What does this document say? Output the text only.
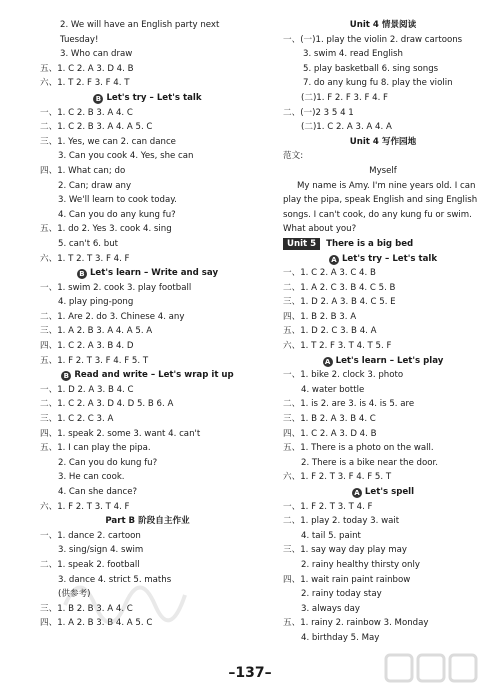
2. We will have an English party next
Tuesday!
3. Who can draw
五、1. C 2. A 3. D 4. B
六、1. T 2. F 3. F 4. T
B Let's try – Let's talk
一、1. C 2. B 3. A 4. C
二、1. C 2. B 3. A 4. A 5. C
三、1. Yes, we can 2. can dance
3. Can you cook 4. Yes, she can
四、1. What can; do
2. Can; draw any
3. We'll learn to cook today.
4. Can you do any kung fu?
五、1. do 2. Yes 3. cook 4. sing
5. can't 6. but
六、1. T 2. T 3. F 4. F
B Let's learn – Write and say
一、1. swim 2. cook 3. play football
4. play ping-pong
二、1. Are 2. do 3. Chinese 4. any
三、1. A 2. B 3. A 4. A 5. A
四、1. C 2. A 3. B 4. D
五、1. F 2. T 3. F 4. F 5. T
B Read and write – Let's wrap it up
一、1. D 2. A 3. B 4. C
二、1. C 2. A 3. D 4. D 5. B 6. A
三、1. C 2. C 3. A
四、1. speak 2. some 3. want 4. can't
五、1. I can play the pipa.
2. Can you do kung fu?
3. He can cook.
4. Can she dance?
六、1. F 2. T 3. T 4. F
Part B 阶段自主作业
一、1. dance 2. cartoon
3. sing/sign 4. swim
二、1. speak 2. football
3. dance 4. strict 5. maths
(供参考)
三、1. B 2. B 3. A 4. C
四、1. A 2. B 3. B 4. A 5. C
Unit 4 情景阅读
一、(一)1. play the violin 2. draw cartoons
3. swim 4. read English
5. play basketball 6. sing songs
7. do any kung fu 8. play the violin
(二)1. F 2. F 3. F 4. F
二、(一)2 3 5 4 1
(二)1. C 2. A 3. A 4. A
Unit 4 写作园地
范文:
Myself
My name is Amy. I'm nine years old. I can play the pipa, speak English and sing English songs. I can't cook, do any kung fu or swim. What about you?
Unit 5 There is a big bed
A Let's try – Let's talk
一、1. C 2. A 3. C 4. B
二、1. A 2. C 3. B 4. C 5. B
三、1. D 2. A 3. B 4. C 5. E
四、1. B 2. B 3. A
五、1. D 2. C 3. B 4. A
六、1. T 2. F 3. T 4. T 5. F
A Let's learn – Let's play
一、1. bike 2. clock 3. photo
4. water bottle
二、1. is 2. are 3. is 4. is 5. are
三、1. B 2. A 3. B 4. C
四、1. C 2. A 3. D 4. B
五、1. There is a photo on the wall.
2. There is a bike near the door.
六、1. F 2. T 3. F 4. F 5. T
A Let's spell
一、1. F 2. T 3. T 4. F
二、1. play 2. today 3. wait
4. tail 5. paint
三、1. say way day play may
2. rainy healthy thirsty only
四、1. wait rain paint rainbow
2. rainy today stay
3. always day
五、1. rainy 2. rainbow 3. Monday
4. birthday 5. May
–137–
